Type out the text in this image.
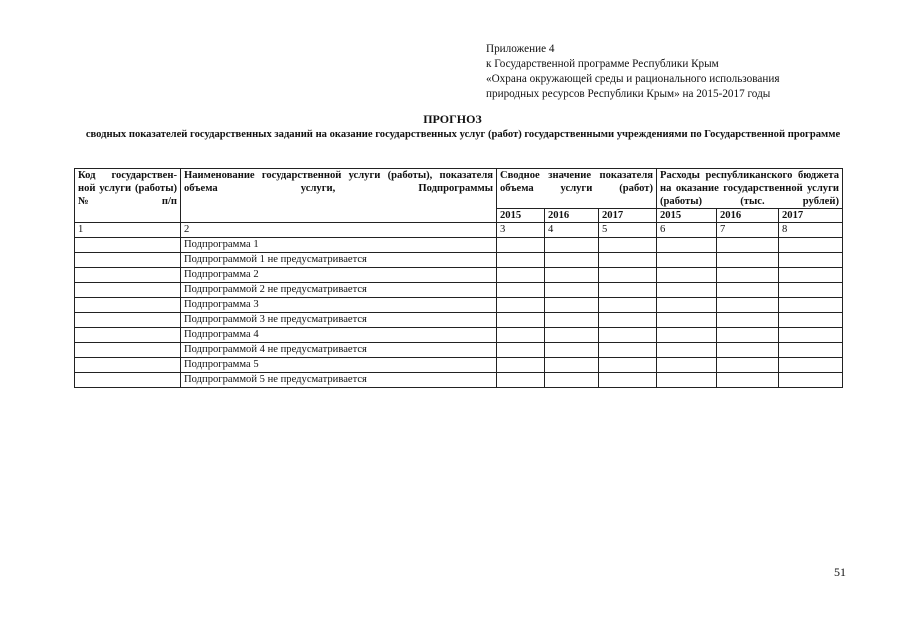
Приложение 4
к Государственной программе Республики Крым
«Охрана окружающей среды и рационального использования
природных ресурсов Республики Крым» на 2015-2017 годы
ПРОГНОЗ
сводных показателей государственных заданий на оказание государственных услуг (работ) государственными учреждениями по Государственной программе
Код государствен-ной услуги (работы) № п/п	Наименование государственной услуги (работы), показателя объема услуги, Подпрограммы	Сводное значение показателя объема услуги (работ)			Расходы республиканского бюджета на оказание государственной услуги (работы) (тыс. рублей)		
		2015	2016	2017	2015	2016	2017
1	2	3	4	5	6	7	8
	Подпрограмма 1						
	Подпрограммой 1 не предусматривается						
	Подпрограмма 2						
	Подпрограммой 2 не предусматривается						
	Подпрограмма 3						
	Подпрограммой 3 не предусматривается						
	Подпрограмма 4						
	Подпрограммой 4 не предусматривается						
	Подпрограмма 5						
	Подпрограммой 5 не предусматривается						
51
